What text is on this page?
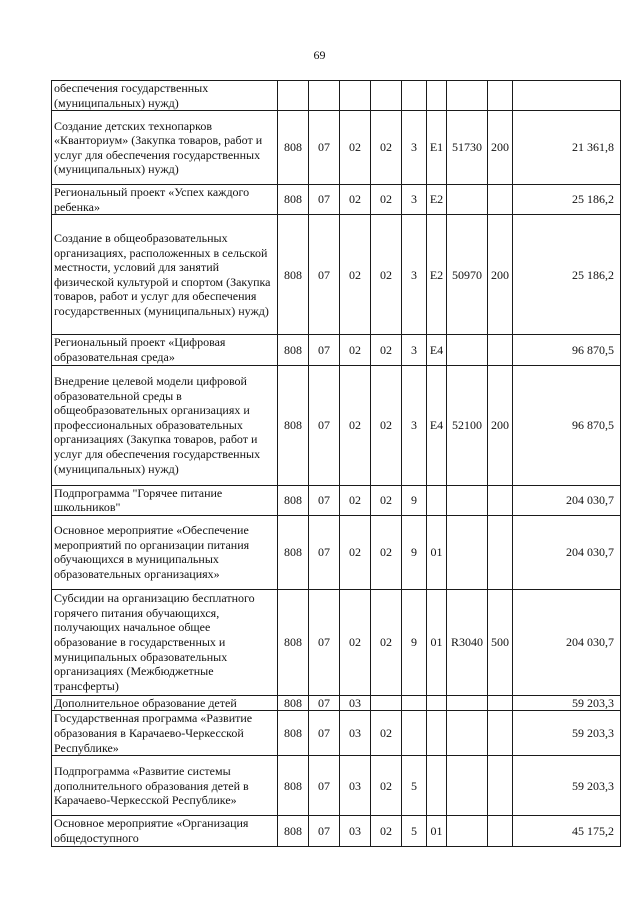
69
обеспечения государственных (муниципальных) нужд)									
Создание детских технопарков «Кванториум» (Закупка товаров, работ и услуг для обеспечения государственных (муниципальных) нужд)	808	07	02	02	3	E1	51730	200	21 361,8
Региональный проект «Успех каждого ребенка»	808	07	02	02	3	E2			25 186,2
Создание в общеобразовательных организациях, расположенных в сельской местности, условий для занятий физической культурой и спортом (Закупка товаров, работ и услуг для обеспечения государственных (муниципальных) нужд)	808	07	02	02	3	E2	50970	200	25 186,2
Региональный проект «Цифровая образовательная среда»	808	07	02	02	3	E4			96 870,5
Внедрение целевой модели цифровой образовательной среды в общеобразовательных организациях и профессиональных образовательных организациях (Закупка товаров, работ и услуг для обеспечения государственных (муниципальных) нужд)	808	07	02	02	3	E4	52100	200	96 870,5
Подпрограмма "Горячее питание школьников"	808	07	02	02	9				204 030,7
Основное мероприятие «Обеспечение мероприятий по организации питания обучающихся в муниципальных образовательных организациях»	808	07	02	02	9	01			204 030,7
Субсидии на организацию бесплатного горячего питания обучающихся, получающих начальное общее образование в государственных и муниципальных образовательных организациях (Межбюджетные трансферты)	808	07	02	02	9	01	R3040	500	204 030,7
Дополнительное образование детей	808	07	03						59 203,3
Государственная программа «Развитие образования в Карачаево-Черкесской Республике»	808	07	03	02					59 203,3
Подпрограмма «Развитие системы дополнительного образования детей в Карачаево-Черкесской Республике»	808	07	03	02	5				59 203,3
Основное мероприятие «Организация общедоступного	808	07	03	02	5	01			45 175,2
